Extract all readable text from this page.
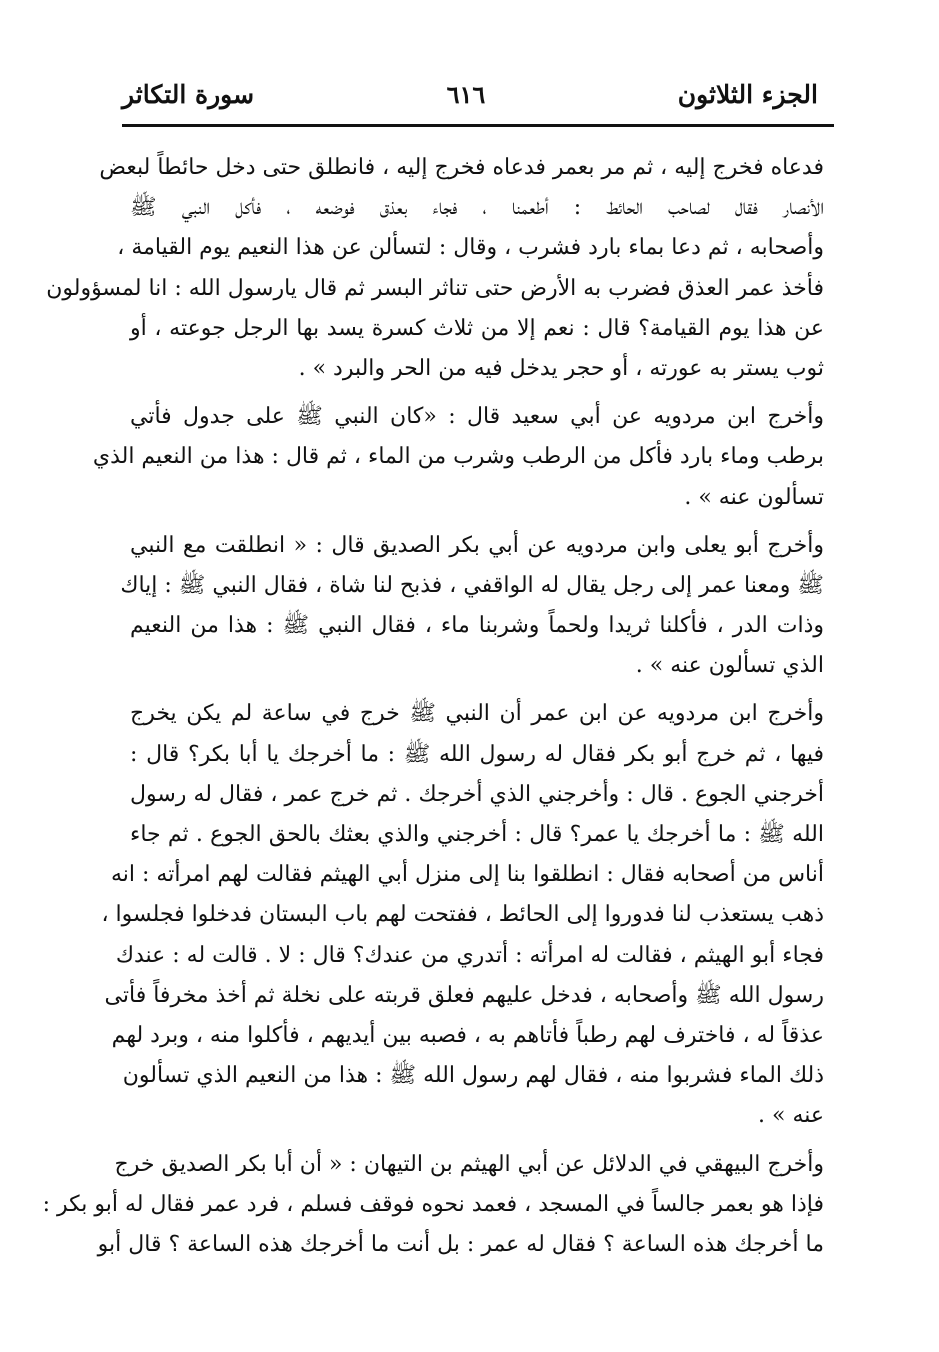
الجزء الثلاثون
٦١٦
سورة التكاثر
فدعاه فخرج إليه ، ثم مر بعمر فدعاه فخرج إليه ، فانطلق حتى دخل حائطاً لبعض
الأنصار فقال لصاحب الحائط : أطعمنا ، فجاء بعذق فوضعه ، فأكل النبي ﷺ
وأصحابه ، ثم دعا بماء بارد فشرب ، وقال : لتسألن عن هذا النعيم يوم القيامة ،
فأخذ عمر العذق فضرب به الأرض حتى تناثر البسر ثم قال يارسول الله : انا لمسؤولون
عن هذا يوم القيامة؟ قال : نعم إلا من ثلاث كسرة يسد بها الرجل جوعته ، أو
ثوب يستر به عورته ، أو حجر يدخل فيه من الحر والبرد » .
وأخرج ابن مردويه عن أبي سعيد قال : «كان النبي ﷺ على جدول فأتي
برطب وماء بارد فأكل من الرطب وشرب من الماء ، ثم قال : هذا من النعيم الذي
تسألون عنه » .
وأخرج أبو يعلى وابن مردويه عن أبي بكر الصديق قال : « انطلقت مع النبي
ﷺ ومعنا عمر إلى رجل يقال له الواقفي ، فذبح لنا شاة ، فقال النبي ﷺ : إياك
وذات الدر ، فأكلنا ثريدا ولحماً وشربنا ماء ، فقال النبي ﷺ : هذا من النعيم
الذي تسألون عنه » .
وأخرج ابن مردويه عن ابن عمر أن النبي ﷺ خرج في ساعة لم يكن يخرج
فيها ، ثم خرج أبو بكر فقال له رسول الله ﷺ : ما أخرجك يا أبا بكر؟ قال :
أخرجني الجوع . قال : وأخرجني الذي أخرجك . ثم خرج عمر ، فقال له رسول
الله ﷺ : ما أخرجك يا عمر؟ قال : أخرجني والذي بعثك بالحق الجوع . ثم جاء
أناس من أصحابه فقال : انطلقوا بنا إلى منزل أبي الهيثم فقالت لهم امرأته : انه
ذهب يستعذب لنا فدوروا إلى الحائط ، ففتحت لهم باب البستان فدخلوا فجلسوا ،
فجاء أبو الهيثم ، فقالت له امرأته : أتدري من عندك؟ قال : لا . قالت له : عندك
رسول الله ﷺ وأصحابه ، فدخل عليهم فعلق قربته على نخلة ثم أخذ مخرفاً فأتى
عذقاً له ، فاخترف لهم رطباً فأتاهم به ، فصبه بين أيديهم ، فأكلوا منه ، وبرد لهم
ذلك الماء فشربوا منه ، فقال لهم رسول الله ﷺ : هذا من النعيم الذي تسألون
عنه » .
وأخرج البيهقي في الدلائل عن أبي الهيثم بن التيهان : « أن أبا بكر الصديق خرج
فإذا هو بعمر جالساً في المسجد ، فعمد نحوه فوقف فسلم ، فرد عمر فقال له أبو بكر :
ما أخرجك هذه الساعة ؟ فقال له عمر : بل أنت ما أخرجك هذه الساعة ؟ قال أبو
